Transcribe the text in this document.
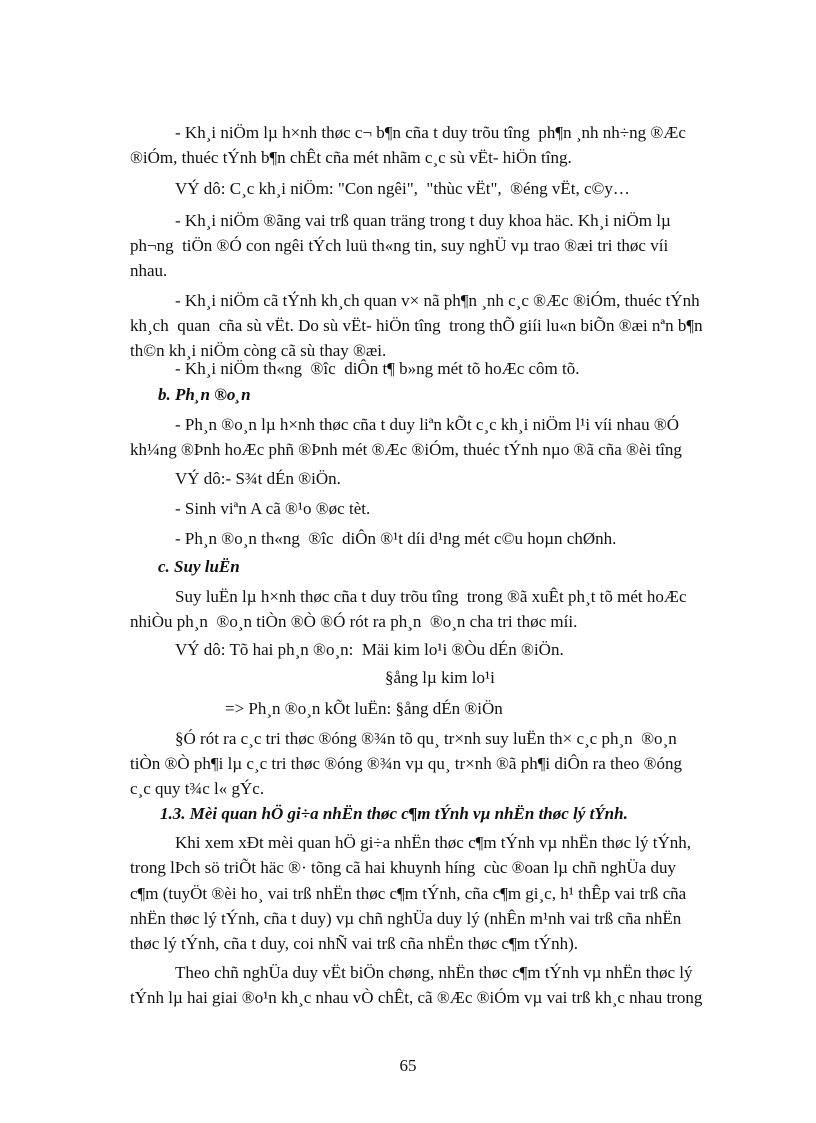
65
- Kh¸i niÖm lµ h×nh thøc c¬ b¶n cña t duy trõu tîng  ph¶n ¸nh nh÷ng ®Æc
®iÓm, thuéc tÝnh b¶n chÊt cña mét nhãm c¸c sù vËt- hiÖn tîng.
VÝ dô: C¸c kh¸i niÖm: "Con ngêi",  "thùc vËt",  ®éng vËt, c©y…
- Kh¸i niÖm ®ãng vai trß quan träng trong t duy khoa häc. Kh¸i niÖm lµ
ph¬ng  tiÖn ®Ó con ngêi tÝch luü th«ng tin, suy nghÜ vµ trao ®æi tri thøc víi
nhau.
- Kh¸i niÖm cã tÝnh kh¸ch quan v× nã ph¶n ¸nh c¸c ®Æc ®iÓm, thuéc tÝnh
kh¸ch  quan  cña sù vËt. Do sù vËt- hiÖn tîng  trong thÕ giíi lu«n biÕn ®æi nªn b¶n
th©n kh¸i niÖm còng cã sù thay ®æi.
- Kh¸i niÖm th«ng  ®îc  diÔn t¶ b»ng mét tõ hoÆc côm tõ.
b. Ph¸n ®o¸n
- Ph¸n ®o¸n lµ h×nh thøc cña t duy liªn kÕt c¸c kh¸i niÖm l¹i víi nhau ®Ó
kh¼ng ®Þnh hoÆc phñ ®Þnh mét ®Æc ®iÓm, thuéc tÝnh nµo ®ã cña ®èi tîng
VÝ dô:- S¾t dÉn ®iÖn.
- Sinh viªn A cã ®¹o ®øc tèt.
- Ph¸n ®o¸n th«ng  ®îc  diÔn ®¹t díi d¹ng mét c©u hoµn chØnh.
c. Suy luËn
Suy luËn lµ h×nh thøc cña t duy trõu tîng  trong ®ã xuÊt ph¸t tõ mét hoÆc
nhiÒu ph¸n  ®o¸n tiÒn ®Ò ®Ó rót ra ph¸n  ®o¸n cha tri thøc míi.
VÝ dô: Tõ hai ph¸n ®o¸n:  Mäi kim lo¹i ®Òu dÉn ®iÖn.
§ång lµ kim lo¹i
=> Ph¸n ®o¸n kÕt luËn: §ång dÉn ®iÖn
§Ó rót ra c¸c tri thøc ®óng ®¾n tõ qu¸ tr×nh suy luËn th× c¸c ph¸n  ®o¸n
tiÒn ®Ò ph¶i lµ c¸c tri thøc ®óng ®¾n vµ qu¸ tr×nh ®ã ph¶i diÔn ra theo ®óng
c¸c quy t¾c l« gÝc.
1.3. Mèi quan hÖ gi÷a nhËn thøc c¶m tÝnh vµ nhËn thøc lý tÝnh.
Khi xem xÐt mèi quan hÖ gi÷a nhËn thøc c¶m tÝnh vµ nhËn thøc lý tÝnh,
trong lÞch sö triÕt häc ®· tõng cã hai khuynh híng  cùc ®oan lµ chñ nghÜa duy
c¶m (tuyÖt ®èi ho¸ vai trß nhËn thøc c¶m tÝnh, cña c¶m gi¸c, h¹ thÊp vai trß cña
nhËn thøc lý tÝnh, cña t duy) vµ chñ nghÜa duy lý (nhÊn m¹nh vai trß cña nhËn
thøc lý tÝnh, cña t duy, coi nhÑ vai trß cña nhËn thøc c¶m tÝnh).
Theo chñ nghÜa duy vËt biÖn chøng, nhËn thøc c¶m tÝnh vµ nhËn thøc lý
tÝnh lµ hai giai ®o¹n kh¸c nhau vÒ chÊt, cã ®Æc ®iÓm vµ vai trß kh¸c nhau trong
